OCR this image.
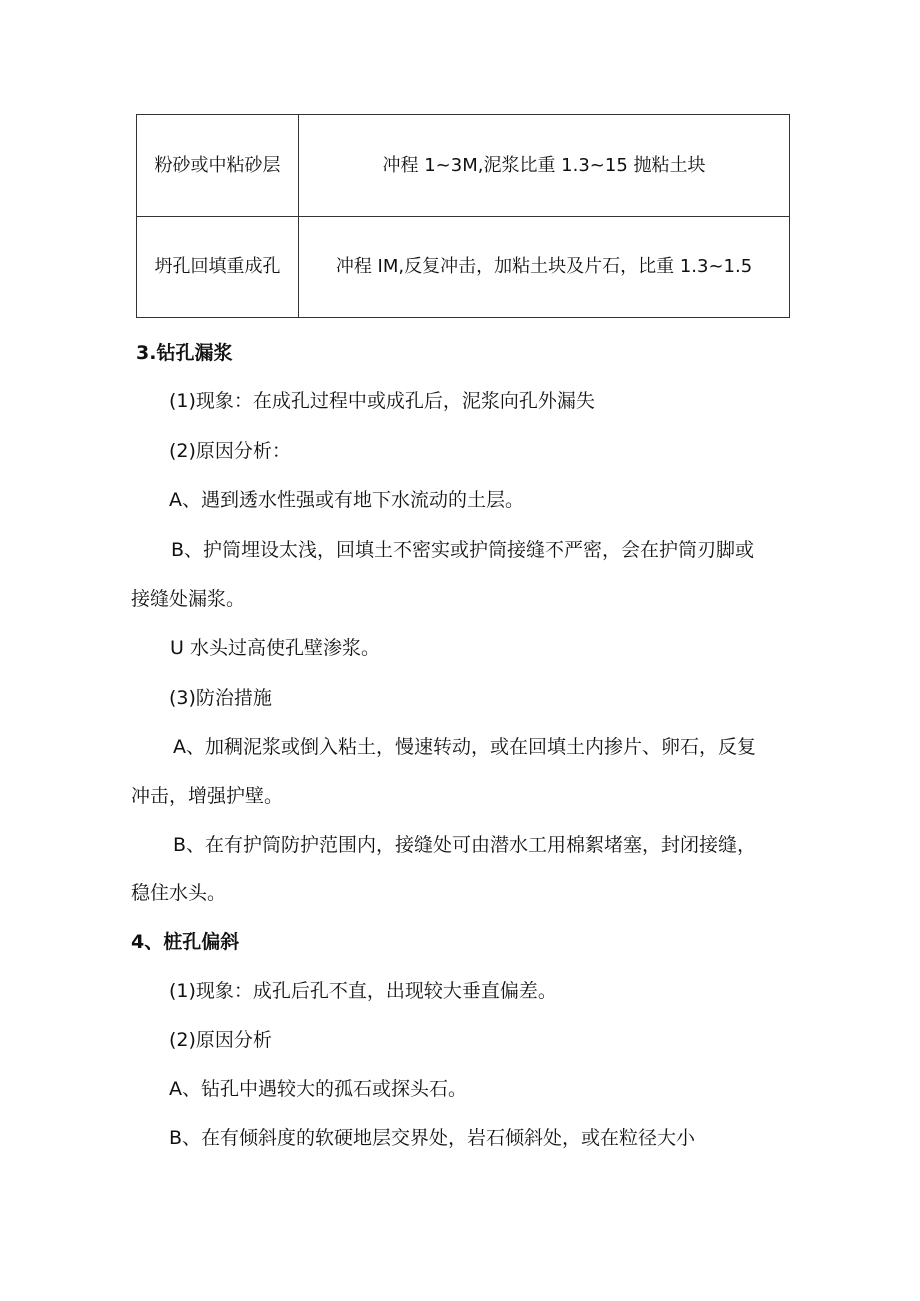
粉砂或中粘砂层	冲程 1~3M,泥浆比重 1.3~15 抛粘土块
坍孔回填重成孔	冲程 IM,反复冲击，加粘土块及片石，比重 1.3~1.5
3.钻孔漏浆
(1)现象：在成孔过程中或成孔后，泥浆向孔外漏失
(2)原因分析：
A、遇到透水性强或有地下水流动的土层。
B、护筒埋设太浅，回填土不密实或护筒接缝不严密，会在护筒刃脚或
接缝处漏浆。
U 水头过高使孔壁渗浆。
(3)防治措施
A、加稠泥浆或倒入粘土，慢速转动，或在回填土内掺片、卵石，反复
冲击，增强护壁。
B、在有护筒防护范围内，接缝处可由潜水工用棉絮堵塞，封闭接缝，
稳住水头。
4、桩孔偏斜
(1)现象：成孔后孔不直，出现较大垂直偏差。
(2)原因分析
A、钻孔中遇较大的孤石或探头石。
B、在有倾斜度的软硬地层交界处，岩石倾斜处，或在粒径大小
